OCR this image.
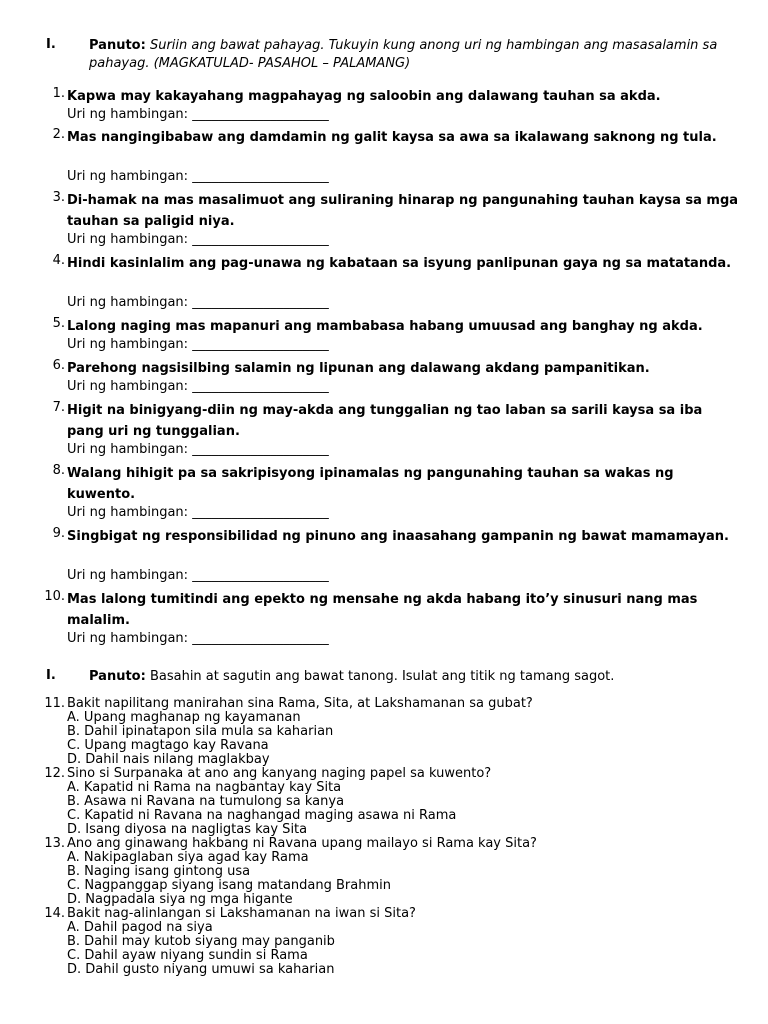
I.	Panuto: Suriin ang bawat pahayag. Tukuyin kung anong uri ng hambingan ang masasalamin sa pahayag. (MAGKATULAD- PASAHOL – PALAMANG)
1. Kapwa may kakayahang magpahayag ng saloobin ang dalawang tauhan sa akda.
Uri ng hambingan: _____________________
2. Mas nangingibabaw ang damdamin ng galit kaysa sa awa sa ikalawang saknong ng tula.
Uri ng hambingan: _____________________
3. Di-hamak na mas masalimuot ang suliraning hinarap ng pangunahing tauhan kaysa sa mga tauhan sa paligid niya.
Uri ng hambingan: _____________________
4. Hindi kasinlalim ang pag-unawa ng kabataan sa isyung panlipunan gaya ng sa matatanda.
Uri ng hambingan: _____________________
5. Lalong naging mas mapanuri ang mambabasa habang umuusad ang banghay ng akda.
Uri ng hambingan: _____________________
6. Parehong nagsisilbing salamin ng lipunan ang dalawang akdang pampanitikan.
Uri ng hambingan: _____________________
7. Higit na binigyang-diin ng may-akda ang tunggalian ng tao laban sa sarili kaysa sa iba pang uri ng tunggalian.
Uri ng hambingan: _____________________
8. Walang hihigit pa sa sakripisyong ipinamalas ng pangunahing tauhan sa wakas ng kuwento.
Uri ng hambingan: _____________________
9. Singbigat ng responsibilidad ng pinuno ang inaasahang gampanin ng bawat mamamayan.
Uri ng hambingan: _____________________
10. Mas lalong tumitindi ang epekto ng mensahe ng akda habang ito’y sinusuri nang mas malalim.
Uri ng hambingan: _____________________
I.	Panuto: Basahin at sagutin ang bawat tanong. Isulat ang titik ng tamang sagot.
11. Bakit napilitang manirahan sina Rama, Sita, at Lakshamanan sa gubat?
A. Upang maghanap ng kayamanan
B. Dahil ipinatapon sila mula sa kaharian
C. Upang magtago kay Ravana
D. Dahil nais nilang maglakbay
12. Sino si Surpanaka at ano ang kanyang naging papel sa kuwento?
A. Kapatid ni Rama na nagbantay kay Sita
B. Asawa ni Ravana na tumulong sa kanya
C. Kapatid ni Ravana na naghangad maging asawa ni Rama
D. Isang diyosa na nagligtas kay Sita
13. Ano ang ginawang hakbang ni Ravana upang mailayo si Rama kay Sita?
A. Nakipaglaban siya agad kay Rama
B. Naging isang gintong usa
C. Nagpanggap siyang isang matandang Brahmin
D. Nagpadala siya ng mga higante
14. Bakit nag-alinlangan si Lakshamanan na iwan si Sita?
A. Dahil pagod na siya
B. Dahil may kutob siyang may panganib
C. Dahil ayaw niyang sundin si Rama
D. Dahil gusto niyang umuwi sa kaharian
